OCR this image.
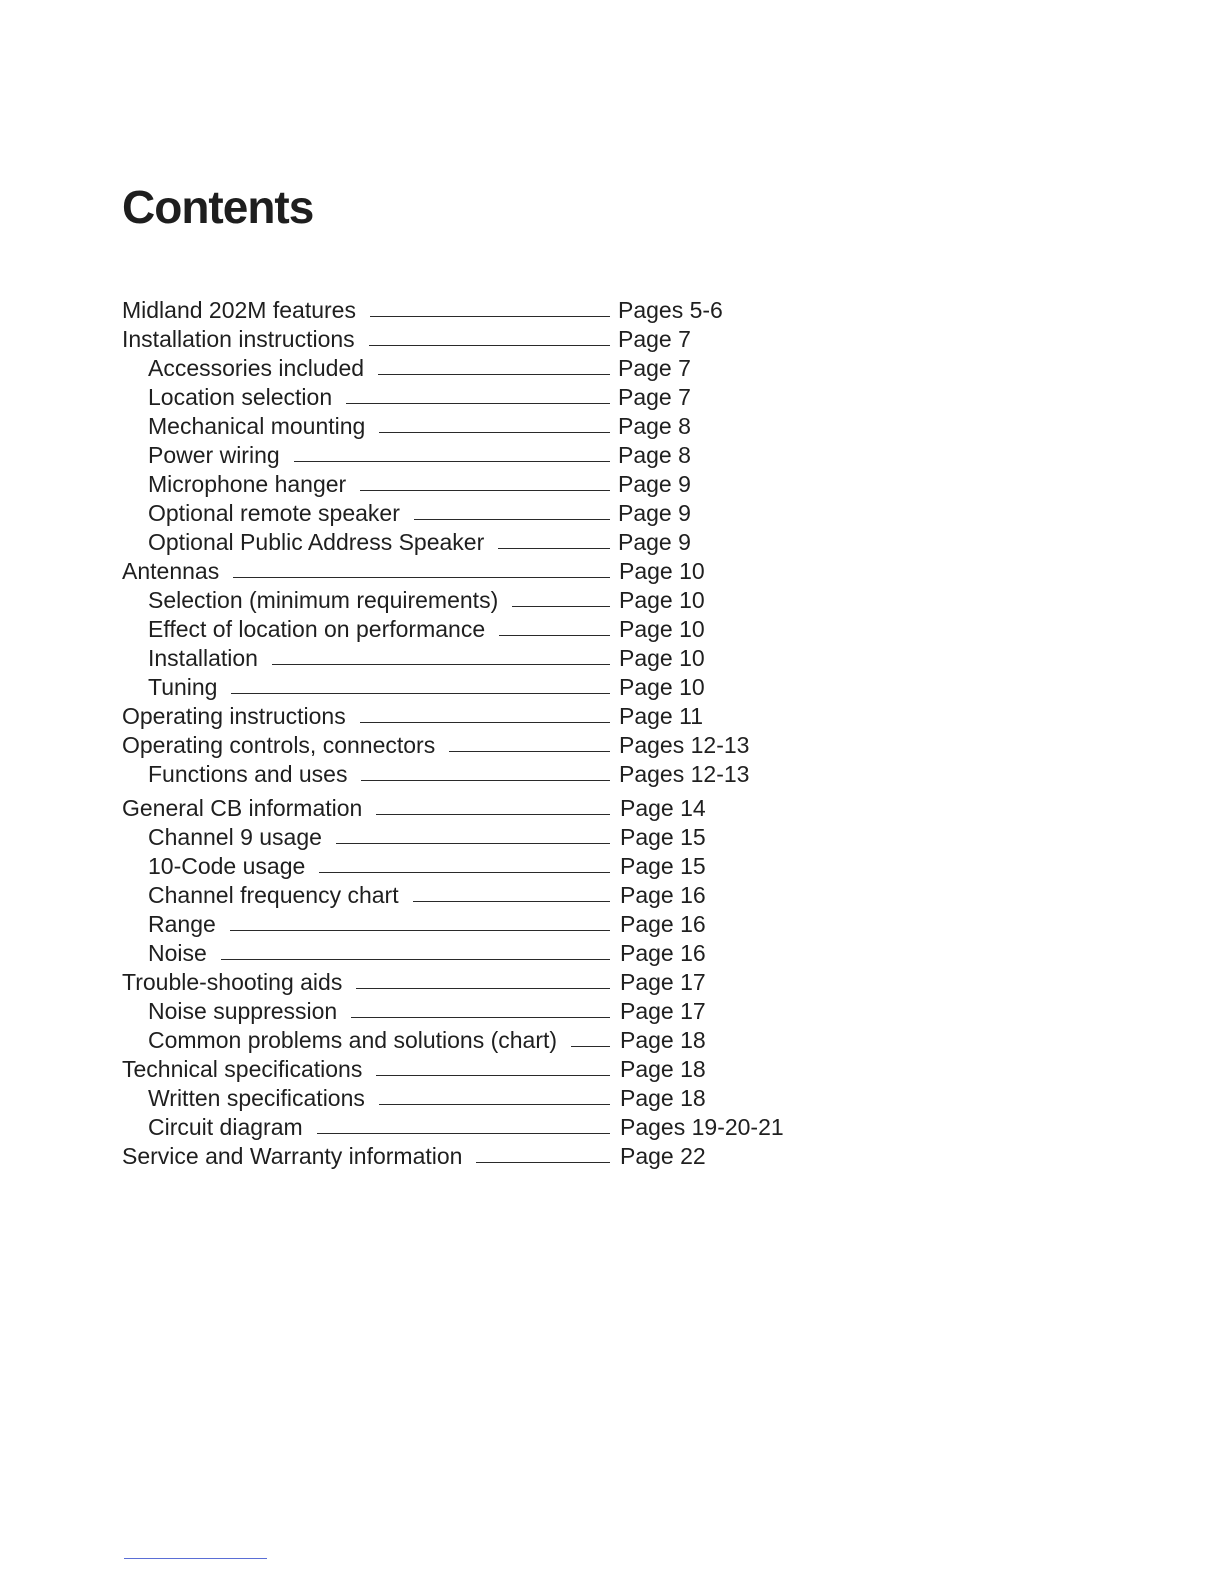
Contents
Midland 202M features	Pages 5-6
Installation instructions	Page 7
Accessories included	Page 7
Location selection	Page 7
Mechanical mounting	Page 8
Power wiring	Page 8
Microphone hanger	Page 9
Optional remote speaker	Page 9
Optional Public Address Speaker	Page 9
Antennas	Page 10
Selection (minimum requirements)	Page 10
Effect of location on performance	Page 10
Installation	Page 10
Tuning	Page 10
Operating instructions	Page 11
Operating controls, connectors	Pages 12-13
Functions and uses	Pages 12-13
General CB information	Page 14
Channel 9 usage	Page 15
10-Code usage	Page 15
Channel frequency chart	Page 16
Range	Page 16
Noise	Page 16
Trouble-shooting aids	Page 17
Noise suppression	Page 17
Common problems and solutions (chart)	Page 18
Technical specifications	Page 18
Written specifications	Page 18
Circuit diagram	Pages 19-20-21
Service and Warranty information	Page 22
